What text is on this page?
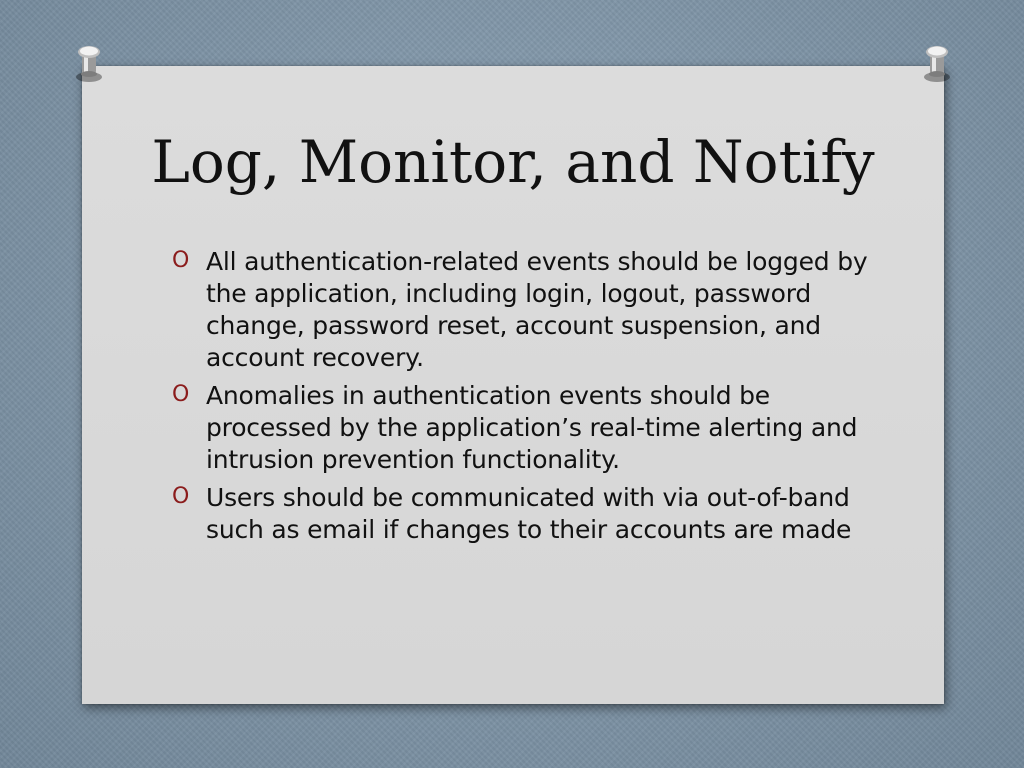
Log, Monitor, and Notify
O All authentication-related events should be logged by the application, including login, logout, password change, password reset, account suspension, and account recovery.
O Anomalies in authentication events should be processed by the application’s real-time alerting and intrusion prevention functionality.
O Users should be communicated with via out-of-band such as email if changes to their accounts are made
